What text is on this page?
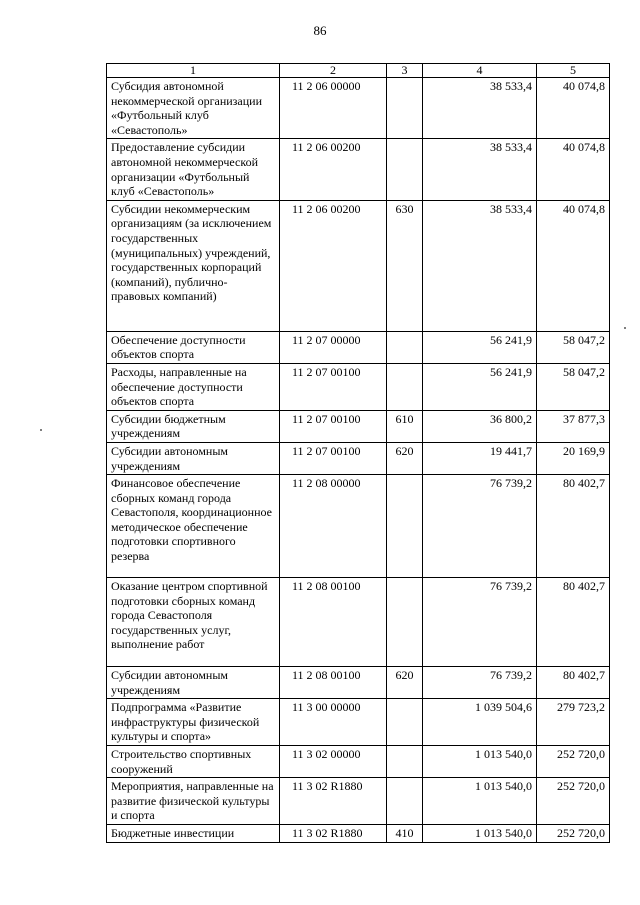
86
1	2	3	4	5
Субсидия автономной некоммерческой организации «Футбольный клуб «Севастополь»	11 2 06 00000		38 533,4	40 074,8
Предоставление субсидии автономной некоммерческой организации «Футбольный клуб «Севастополь»	11 2 06 00200		38 533,4	40 074,8
Субсидии некоммерческим организациям (за исключением государственных (муниципальных) учреждений, государственных корпораций (компаний), публично-правовых компаний)	11 2 06 00200	630	38 533,4	40 074,8
Обеспечение доступности объектов спорта	11 2 07 00000		56 241,9	58 047,2
Расходы, направленные на обеспечение доступности объектов спорта	11 2 07 00100		56 241,9	58 047,2
Субсидии бюджетным учреждениям	11 2 07 00100	610	36 800,2	37 877,3
Субсидии автономным учреждениям	11 2 07 00100	620	19 441,7	20 169,9
Финансовое обеспечение сборных команд города Севастополя, координационное методическое обеспечение подготовки спортивного резерва	11 2 08 00000		76 739,2	80 402,7
Оказание центром спортивной подготовки сборных команд города Севастополя государственных услуг, выполнение работ	11 2 08 00100		76 739,2	80 402,7
Субсидии автономным учреждениям	11 2 08 00100	620	76 739,2	80 402,7
Подпрограмма «Развитие инфраструктуры физической культуры и спорта»	11 3 00 00000		1 039 504,6	279 723,2
Строительство спортивных сооружений	11 3 02 00000		1 013 540,0	252 720,0
Мероприятия, направленные на развитие физической культуры и спорта	11 3 02 R1880		1 013 540,0	252 720,0
Бюджетные инвестиции	11 3 02 R1880	410	1 013 540,0	252 720,0
